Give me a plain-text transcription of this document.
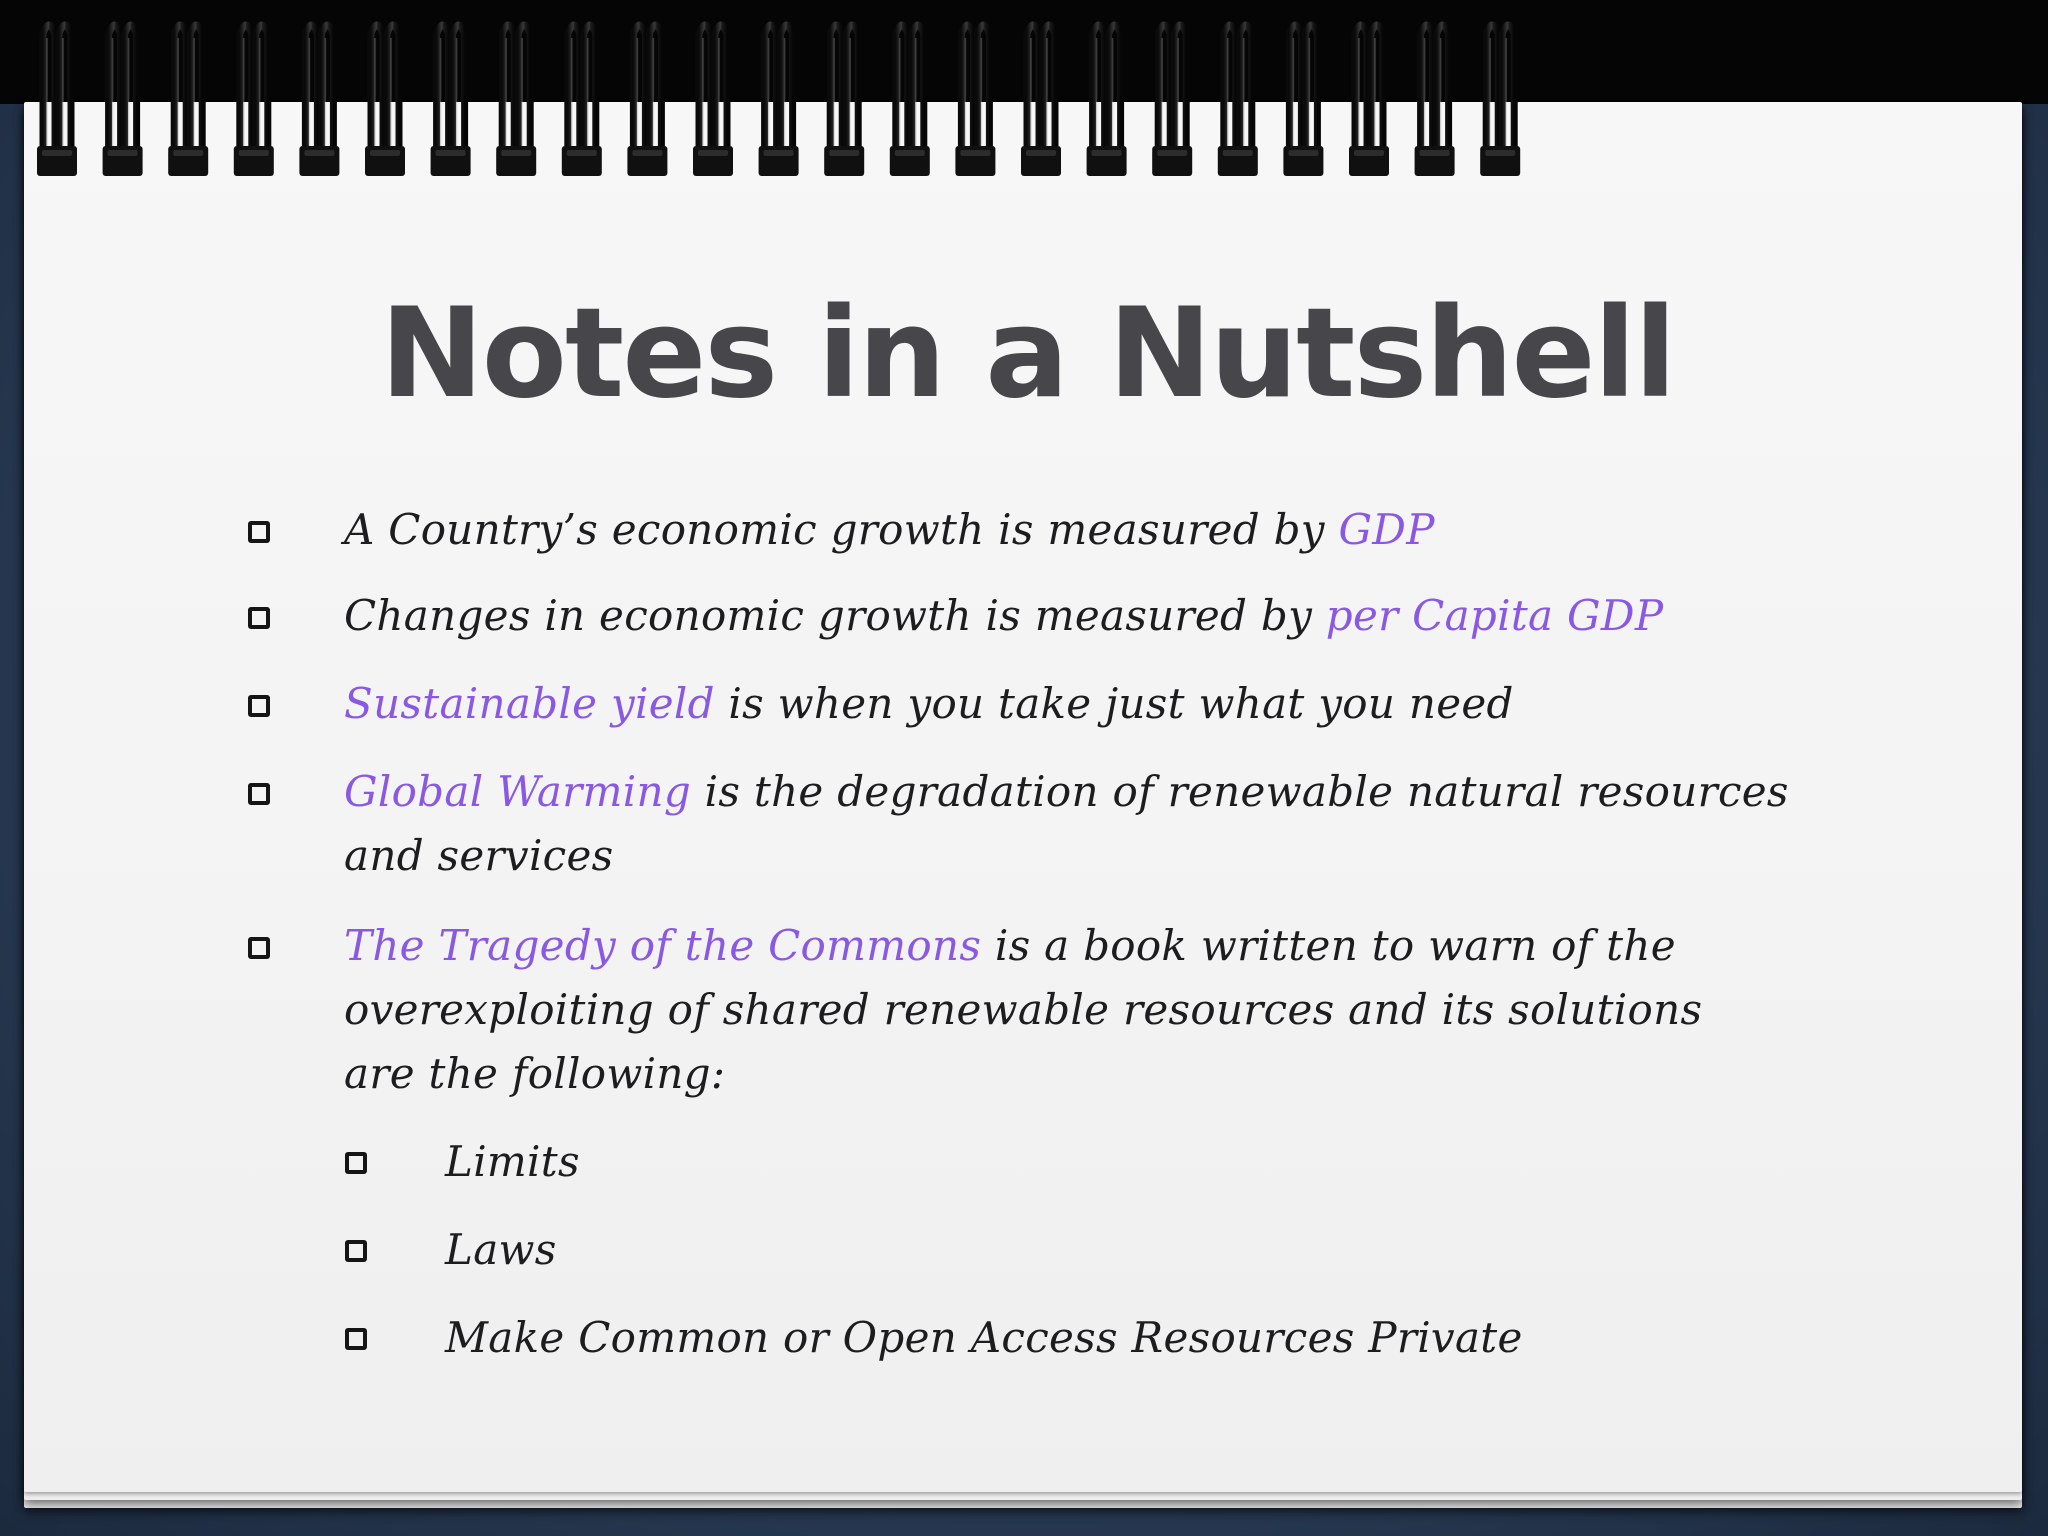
Notes in a Nutshell

A Country’s economic growth is measured by GDP

Changes in economic growth is measured by per Capita GDP

Sustainable yield is when you take just what you need

Global Warming is the degradation of renewable natural resources and services

The Tragedy of the Commons is a book written to warn of the overexploiting of shared renewable resources and its solutions are the following:

Limits

Laws

Make Common or Open Access Resources Private
